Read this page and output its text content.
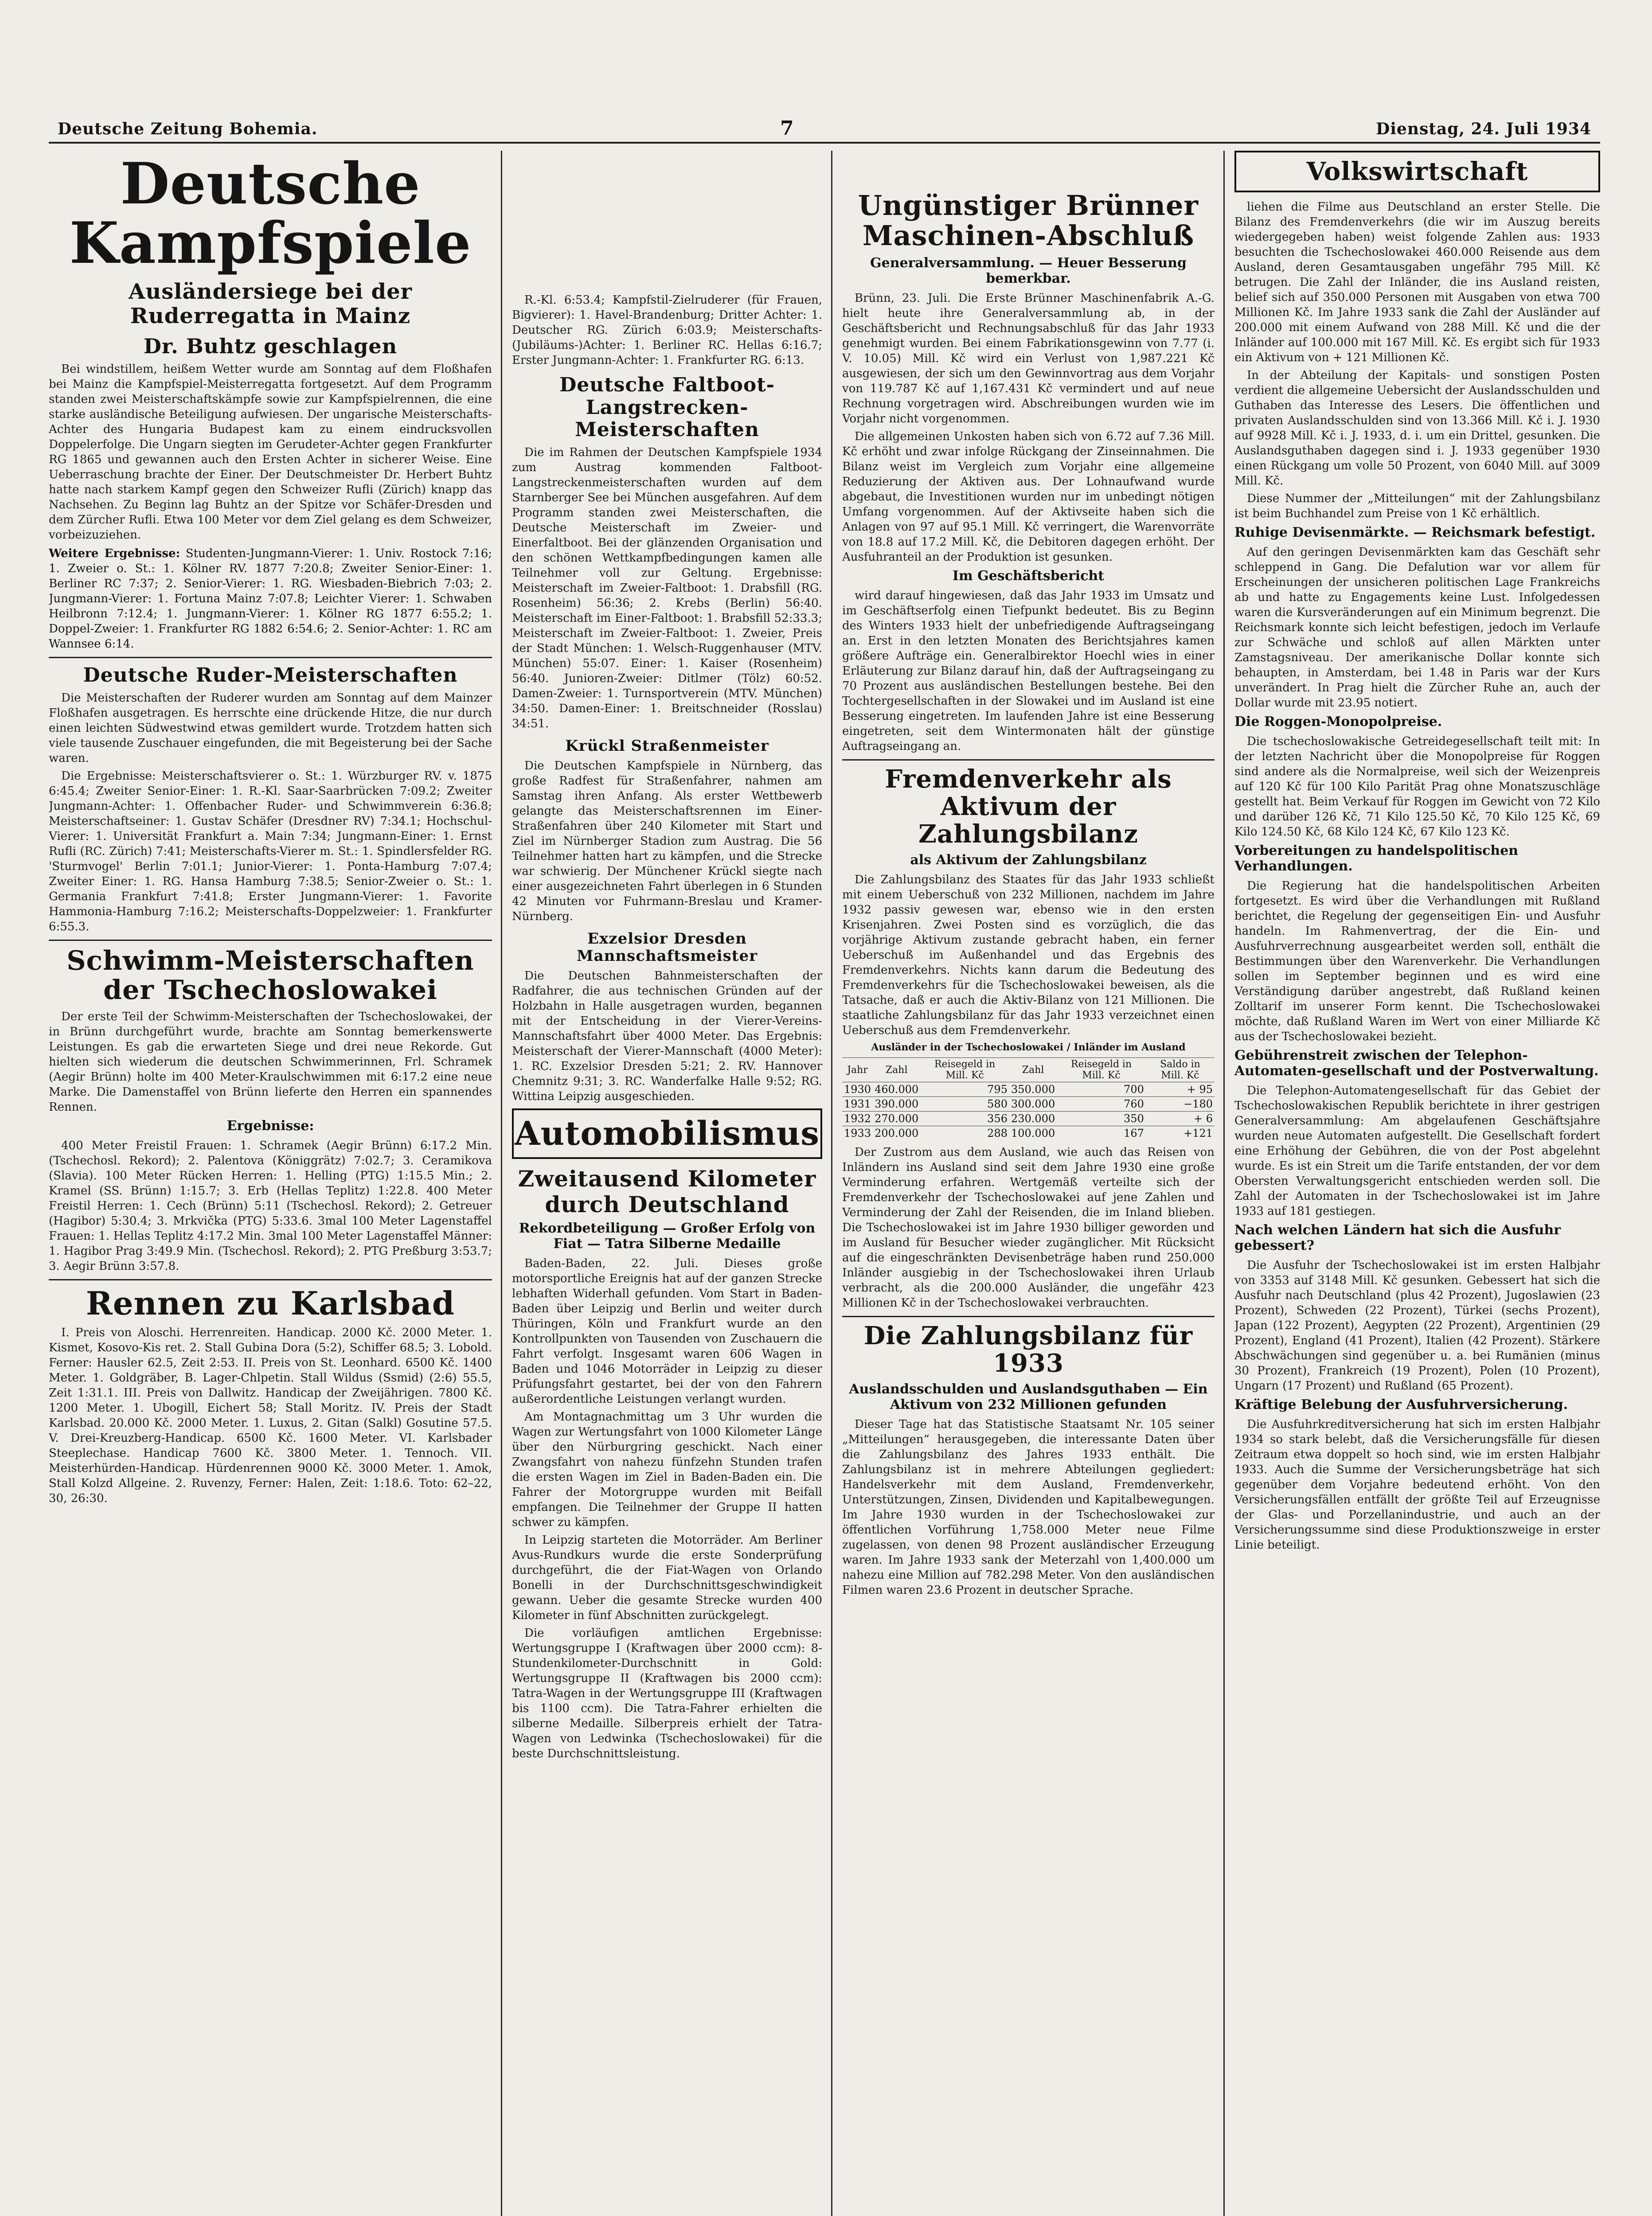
Deutsche Zeitung Bohemia.	7	Dienstag, 24. Juli 1934
Deutsche Kampfspiele
Ausländersiege bei der Ruderregatta in Mainz
Dr. Buhtz geschlagen

Bei windstillem, heißem Wetter wurde am Sonntag auf dem Floßhafen bei Mainz die Kampfspiel-Meisterregatta fortgesetzt. Auf dem Programm standen zwei Meisterschaftskämpfe sowie zur Kampfspielrennen, die eine starke ausländische Beteiligung aufwiesen. Der ungarische Meisterschafts-Achter des Hungaria Budapest kam zu einem eindrucksvollen Doppelerfolge. Die Ungarn siegten im Gerudeter-Achter gegen Frankfurter RG 1865 und gewannen auch den Ersten Achter in sicherer Weise. Eine Ueberraschung brachte der Einer. Der Deutschmeister Dr. Herbert Buhtz hatte nach starkem Kampf gegen den Schweizer Rufli (Zürich) knapp das Nachsehen. Zu Beginn lag Buhtz an der Spitze vor Schäfer-Dresden und dem Zürcher Rufli. Etwa 100 Meter vor dem Ziel gelang es dem Schweizer, vorbeizuziehen.

Weitere Ergebnisse: Studenten-Jungmann-Vierer: 1. Univ. Rostock 7:16; 1. Zweier o. St.: 1. Kölner RV. 1877 7:20.8; Zweiter Senior-Einer: 1. Berliner RC 7:37; 2. Senior-Vierer: 1. RG. Wiesbaden-Biebrich 7:03; 2. Jungmann-Vierer: 1. Fortuna Mainz 7:07.8; Leichter Vierer: 1. Schwaben Heilbronn 7:12.4; 1. Jungmann-Vierer: 1. Kölner RG 1877 6:55.2; 1. Doppel-Zweier: 1. Frankfurter RG 1882 6:54.6; 2. Senior-Achter: 1. RC am Wannsee 6:14.
Deutsche Ruder-Meisterschaften

Die Meisterschaften der Ruderer wurden am Sonntag auf dem Mainzer Floßhafen ausgetragen. Es herrschte eine drückende Hitze, die nur durch einen leichten Südwestwind etwas gemildert wurde. Trotzdem hatten sich viele tausende Zuschauer eingefunden, die mit Begeisterung bei der Sache waren.

Die Ergebnisse: Meisterschaftsvierer o. St.: 1. Würzburger RV. v. 1875 6:45.4; Zweiter Senior-Einer: 1. R.-Kl. Saar-Saarbrücken 7:09.2; Zweiter Jungmann-Achter: 1. Offenbacher Ruder- und Schwimmverein 6:36.8; Meisterschaftseiner: 1. Gustav Schäfer (Dresdner RV) 7:34.1; Hochschul-Vierer: 1. Universität Frankfurt a. Main 7:34; Jungmann-Einer: 1. Ernst Rufli (RC. Zürich) 7:41; Meisterschafts-Vierer m. St.: 1. Spindlersfelder RG. 'Sturmvogel' Berlin 7:01.1; Junior-Vierer: 1. Ponta-Hamburg 7:07.4; Zweiter Einer: 1. RG. Hansa Hamburg 7:38.5; Senior-Zweier o. St.: 1. Germania Frankfurt 7:41.8; Erster Jungmann-Vierer: 1. Favorite Hammonia-Hamburg 7:16.2; Meisterschafts-Doppelzweier: 1. Frankfurter 6:55.3.

Schwimm-Meisterschaften der Tschechoslowakei

Der erste Teil der Schwimm-Meisterschaften der Tschechoslowakei, der in Brünn durchgeführt wurde, brachte am Sonntag bemerkenswerte Leistungen. Es gab die erwarteten Siege und drei neue Rekorde. Gut hielten sich wiederum die deutschen Schwimmerinnen, Frl. Schramek (Aegir Brünn) holte im 400 Meter-Kraulschwimmen mit 6:17.2 eine neue Marke. Die Damenstaffel von Brünn lieferte den Herren ein spannendes Rennen.

Ergebnisse:

400 Meter Freistil Frauen: 1. Schramek (Aegir Brünn) 6:17.2 Min. (Tschechosl. Rekord); 2. Palentova (Königgrätz) 7:02.7; 3. Ceramikova (Slavia). 100 Meter Rücken Herren: 1. Helling (PTG) 1:15.5 Min.; 2. Kramel (SS. Brünn) 1:15.7; 3. Erb (Hellas Teplitz) 1:22.8. 400 Meter Freistil Herren: 1. Cech (Brünn) 5:11 (Tschechosl. Rekord); 2. Getreuer (Hagibor) 5:30.4; 3. Mrkvička (PTG) 5:33.6. 3mal 100 Meter Lagenstaffel Frauen: 1. Hellas Teplitz 4:17.2 Min. 3mal 100 Meter Lagenstaffel Männer: 1. Hagibor Prag 3:49.9 Min. (Tschechosl. Rekord); 2. PTG Preßburg 3:53.7; 3. Aegir Brünn 3:57.8.

Rennen zu Karlsbad

I. Preis von Aloschi. Herrenreiten. Handicap. 2000 Kč. 2000 Meter. 1. Kismet, Kosovo-Kis ret. 2. Stall Gubina Dora (5:2), Schiffer 68.5; 3. Lobold. Ferner: Hausler 62.5, Zeit 2:53. II. Preis von St. Leonhard. 6500 Kč. 1400 Meter. 1. Goldgräber, B. Lager-Chlpetin. Stall Wildus (Ssmid) (2:6) 55.5, Zeit 1:31.1. III. Preis von Dallwitz. Handicap der Zweijährigen. 7800 Kč. 1200 Meter. 1. Ubogill, Eichert 58; Stall Moritz. IV. Preis der Stadt Karlsbad. 20.000 Kč. 2000 Meter. 1. Luxus, 2. Gitan (Salkl) Gosutine 57.5. V. Drei-Kreuzberg-Handicap. 6500 Kč. 1600 Meter. VI. Karlsbader Steeplechase. Handicap 7600 Kč. 3800 Meter. 1. Tennoch. VII. Meisterhürden-Handicap. Hürdenrennen 9000 Kč. 3000 Meter. 1. Amok, Stall Kolzd Allgeine. 2. Ruvenzy, Ferner: Halen, Zeit: 1:18.6. Toto: 62–22, 30, 26:30.

R.-Kl. 6:53.4; Kampfstil-Zielruderer (für Frauen, Bigvierer): 1. Havel-Brandenburg; Dritter Achter: 1. Deutscher RG. Zürich 6:03.9; Meisterschafts-(Jubiläums-)Achter: 1. Berliner RC. Hellas 6:16.7; Erster Jungmann-Achter: 1. Frankfurter RG. 6:13.

Deutsche Faltboot-Langstrecken-Meisterschaften

Die im Rahmen der Deutschen Kampfspiele 1934 zum Austrag kommenden Faltboot-Langstreckenmeisterschaften wurden auf dem Starnberger See bei München ausgefahren. Auf dem Programm standen zwei Meisterschaften, die Deutsche Meisterschaft im Zweier- und Einerfaltboot. Bei der glänzenden Organisation und den schönen Wettkampfbedingungen kamen alle Teilnehmer voll zur Geltung. Ergebnisse: Meisterschaft im Zweier-Faltboot: 1. Drabsfill (RG. Rosenheim) 56:36; 2. Krebs (Berlin) 56:40. Meisterschaft im Einer-Faltboot: 1. Brabsfill 52:33.3; Meisterschaft im Zweier-Faltboot: 1. Zweier, Preis der Stadt München: 1. Welsch-Ruggenhauser (MTV. München) 55:07. Einer: 1. Kaiser (Rosenheim) 56:40. Junioren-Zweier: Ditlmer (Tölz) 60:52. Damen-Zweier: 1. Turnsportverein (MTV. München) 34:50. Damen-Einer: 1. Breitschneider (Rosslau) 34:51.

Krückl Straßenmeister

Die Deutschen Kampfspiele in Nürnberg, das große Radfest für Straßenfahrer, nahmen am Samstag ihren Anfang. Als erster Wettbewerb gelangte das Meisterschaftsrennen im Einer-Straßenfahren über 240 Kilometer mit Start und Ziel im Nürnberger Stadion zum Austrag. Die 56 Teilnehmer hatten hart zu kämpfen, und die Strecke war schwierig. Der Münchener Krückl siegte nach einer ausgezeichneten Fahrt überlegen in 6 Stunden 42 Minuten vor Fuhrmann-Breslau und Kramer-Nürnberg.

Exzelsior Dresden Mannschaftsmeister

Die Deutschen Bahnmeisterschaften der Radfahrer, die aus technischen Gründen auf der Holzbahn in Halle ausgetragen wurden, begannen mit der Entscheidung in der Vierer-Vereins-Mannschaftsfahrt über 4000 Meter. Das Ergebnis: Meisterschaft der Vierer-Mannschaft (4000 Meter): 1. RC. Exzelsior Dresden 5:21; 2. RV. Hannover Chemnitz 9:31; 3. RC. Wanderfalke Halle 9:52; RG. Wittina Leipzig ausgeschieden.

Automobilismus
Zweitausend Kilometer durch Deutschland
Rekordbeteiligung — Großer Erfolg von Fiat — Tatra Silberne Medaille

Baden-Baden, 22. Juli. Dieses große motorsportliche Ereignis hat auf der ganzen Strecke lebhaften Widerhall gefunden. Vom Start in Baden-Baden über Leipzig und Berlin und weiter durch Thüringen, Köln und Frankfurt wurde an den Kontrollpunkten von Tausenden von Zuschauern die Fahrt verfolgt. Insgesamt waren 606 Wagen in Baden und 1046 Motorräder in Leipzig zu dieser Prüfungsfahrt gestartet, bei der von den Fahrern außerordentliche Leistungen verlangt wurden.

Am Montagnachmittag um 3 Uhr wurden die Wagen zur Wertungsfahrt von 1000 Kilometer Länge über den Nürburgring geschickt. Nach einer Zwangsfahrt von nahezu fünfzehn Stunden trafen die ersten Wagen im Ziel in Baden-Baden ein. Die Fahrer der Motorgruppe wurden mit Beifall empfangen. Die Teilnehmer der Gruppe II hatten schwer zu kämpfen.

In Leipzig starteten die Motorräder. Am Berliner Avus-Rundkurs wurde die erste Sonderprüfung durchgeführt, die der Fiat-Wagen von Orlando Bonelli in der Durchschnittsgeschwindigkeit gewann. Ueber die gesamte Strecke wurden 400 Kilometer in fünf Abschnitten zurückgelegt.

Die vorläufigen amtlichen Ergebnisse: Wertungsgruppe I (Kraftwagen über 2000 ccm): 8-Stundenkilometer-Durchschnitt in Gold: Wertungsgruppe II (Kraftwagen bis 2000 ccm): Tatra-Wagen in der Wertungsgruppe III (Kraftwagen bis 1100 ccm). Die Tatra-Fahrer erhielten die silberne Medaille. Silberpreis erhielt der Tatra-Wagen von Ledwinka (Tschechoslowakei) für die beste Durchschnittsleistung.

Ungünstiger Brünner Maschinen-Abschluß
Generalversammlung. — Heuer Besserung bemerkbar.

Brünn, 23. Juli. Die Erste Brünner Maschinenfabrik A.-G. hielt heute ihre Generalversammlung ab, in der Geschäftsbericht und Rechnungsabschluß für das Jahr 1933 genehmigt wurden. Bei einem Fabrikationsgewinn von 7.77 (i. V. 10.05) Mill. Kč wird ein Verlust von 1,987.221 Kč ausgewiesen, der sich um den Gewinnvortrag aus dem Vorjahr von 119.787 Kč auf 1,167.431 Kč vermindert und auf neue Rechnung vorgetragen wird. Abschreibungen wurden wie im Vorjahr nicht vorgenommen.

Die allgemeinen Unkosten haben sich von 6.72 auf 7.36 Mill. Kč erhöht und zwar infolge Rückgang der Zinseinnahmen. Die Bilanz weist im Vergleich zum Vorjahr eine allgemeine Reduzierung der Aktiven aus. Der Lohnaufwand wurde abgebaut, die Investitionen wurden nur im unbedingt nötigen Umfang vorgenommen. Auf der Aktivseite haben sich die Anlagen von 97 auf 95.1 Mill. Kč verringert, die Warenvorräte von 18.8 auf 17.2 Mill. Kč, die Debitoren dagegen erhöht. Der Ausfuhranteil an der Produktion ist gesunken.

Im Geschäftsbericht

wird darauf hingewiesen, daß das Jahr 1933 im Umsatz und im Geschäftserfolg einen Tiefpunkt bedeutet. Bis zu Beginn des Winters 1933 hielt der unbefriedigende Auftragseingang an. Erst in den letzten Monaten des Berichtsjahres kamen größere Aufträge ein. Generalbirektor Hoechl wies in einer Erläuterung zur Bilanz darauf hin, daß der Auftragseingang zu 70 Prozent aus ausländischen Bestellungen bestehe. Bei den Tochtergesellschaften in der Slowakei und im Ausland ist eine Besserung eingetreten. Im laufenden Jahre ist eine Besserung eingetreten, seit dem Wintermonaten hält der günstige Auftragseingang an.

Fremdenverkehr als Aktivum der Zahlungsbilanz
als Aktivum der Zahlungsbilanz

Die Zahlungsbilanz des Staates für das Jahr 1933 schließt mit einem Ueberschuß von 232 Millionen, nachdem im Jahre 1932 passiv gewesen war, ebenso wie in den ersten Krisenjahren. Zwei Posten sind es vorzüglich, die das vorjährige Aktivum zustande gebracht haben, ein ferner Ueberschuß im Außenhandel und das Ergebnis des Fremdenverkehrs. Nichts kann darum die Bedeutung des Fremdenverkehrs für die Tschechoslowakei beweisen, als die Tatsache, daß er auch die Aktiv-Bilanz von 121 Millionen. Die staatliche Zahlungsbilanz für das Jahr 1933 verzeichnet einen Ueberschuß aus dem Fremdenverkehr.

Ausländer in der Tschechoslowakei / Inländer im Ausland
Jahr	Zahl	Reisegeld in Mill. Kč	Zahl	Reisegeld in Mill. Kč	Saldo in Mill. Kč
1930	460.000	795	350.000	700	+ 95
1931	390.000	580	300.000	760	−180
1932	270.000	356	230.000	350	+ 6
1933	200.000	288	100.000	167	+121

Der Zustrom aus dem Ausland, wie auch das Reisen von Inländern ins Ausland sind seit dem Jahre 1930 eine große Verminderung erfahren. Wertgemäß verteilte sich der Fremdenverkehr der Tschechoslowakei auf jene Zahlen und Verminderung der Zahl der Reisenden, die im Inland blieben. Die Tschechoslowakei ist im Jahre 1930 billiger geworden und im Ausland für Besucher wieder zugänglicher. Mit Rücksicht auf die eingeschränkten Devisenbeträge haben rund 250.000 Inländer ausgiebig in der Tschechoslowakei ihren Urlaub verbracht, als die 200.000 Ausländer, die ungefähr 423 Millionen Kč in der Tschechoslowakei verbrauchten.

Die Zahlungsbilanz für 1933
Auslandsschulden und Auslandsguthaben — Ein Aktivum von 232 Millionen gefunden

Dieser Tage hat das Statistische Staatsamt Nr. 105 seiner „Mitteilungen“ herausgegeben, die interessante Daten über die Zahlungsbilanz des Jahres 1933 enthält. Die Zahlungsbilanz ist in mehrere Abteilungen gegliedert: Handelsverkehr mit dem Ausland, Fremdenverkehr, Unterstützungen, Zinsen, Dividenden und Kapitalbewegungen. Im Jahre 1930 wurden in der Tschechoslowakei zur öffentlichen Vorführung 1,758.000 Meter neue Filme zugelassen, von denen 98 Prozent ausländischer Erzeugung waren. Im Jahre 1933 sank der Meterzahl von 1,400.000 um nahezu eine Million auf 782.298 Meter. Von den ausländischen Filmen waren 23.6 Prozent in deutscher Sprache.

Volkswirtschaft

liehen die Filme aus Deutschland an erster Stelle. Die Bilanz des Fremdenverkehrs (die wir im Auszug bereits wiedergegeben haben) weist folgende Zahlen aus: 1933 besuchten die Tschechoslowakei 460.000 Reisende aus dem Ausland, deren Gesamtausgaben ungefähr 795 Mill. Kč betrugen. Die Zahl der Inländer, die ins Ausland reisten, belief sich auf 350.000 Personen mit Ausgaben von etwa 700 Millionen Kč. Im Jahre 1933 sank die Zahl der Ausländer auf 200.000 mit einem Aufwand von 288 Mill. Kč und die der Inländer auf 100.000 mit 167 Mill. Kč. Es ergibt sich für 1933 ein Aktivum von + 121 Millionen Kč.

In der Abteilung der Kapitals- und sonstigen Posten verdient die allgemeine Uebersicht der Auslandsschulden und Guthaben das Interesse des Lesers. Die öffentlichen und privaten Auslandsschulden sind von 13.366 Mill. Kč i. J. 1930 auf 9928 Mill. Kč i. J. 1933, d. i. um ein Drittel, gesunken. Die Auslandsguthaben dagegen sind i. J. 1933 gegenüber 1930 einen Rückgang um volle 50 Prozent, von 6040 Mill. auf 3009 Mill. Kč.

Diese Nummer der „Mitteilungen“ mit der Zahlungsbilanz ist beim Buchhandel zum Preise von 1 Kč erhältlich.

Ruhige Devisenmärkte. — Reichsmark befestigt.

Auf den geringen Devisenmärkten kam das Geschäft sehr schleppend in Gang. Die Defalution war vor allem für Erscheinungen der unsicheren politischen Lage Frankreichs ab und hatte zu Engagements keine Lust. Infolgedessen waren die Kursveränderungen auf ein Minimum begrenzt. Die Reichsmark konnte sich leicht befestigen, jedoch im Verlaufe zur Schwäche und schloß auf allen Märkten unter Zamstagsniveau. Der amerikanische Dollar konnte sich behaupten, in Amsterdam, bei 1.48 in Paris war der Kurs unverändert. In Prag hielt die Zürcher Ruhe an, auch der Dollar wurde mit 23.95 notiert.

Die Roggen-Monopolpreise.

Die tschechoslowakische Getreidegesellschaft teilt mit: In der letzten Nachricht über die Monopolpreise für Roggen sind andere als die Normalpreise, weil sich der Weizenpreis auf 120 Kč für 100 Kilo Parität Prag ohne Monatszuschläge gestellt hat. Beim Verkauf für Roggen im Gewicht von 72 Kilo und darüber 126 Kč, 71 Kilo 125.50 Kč, 70 Kilo 125 Kč, 69 Kilo 124.50 Kč, 68 Kilo 124 Kč, 67 Kilo 123 Kč.

Vorbereitungen zu handelspolitischen Verhandlungen.

Die Regierung hat die handelspolitischen Arbeiten fortgesetzt. Es wird über die Verhandlungen mit Rußland berichtet, die Regelung der gegenseitigen Ein- und Ausfuhr handeln. Im Rahmenvertrag, der die Ein- und Ausfuhrverrechnung ausgearbeitet werden soll, enthält die Bestimmungen über den Warenverkehr. Die Verhandlungen sollen im September beginnen und es wird eine Verständigung darüber angestrebt, daß Rußland keinen Zolltarif im unserer Form kennt. Die Tschechoslowakei möchte, daß Rußland Waren im Wert von einer Milliarde Kč aus der Tschechoslowakei bezieht.

Gebührenstreit zwischen der Telephon-Automaten-gesellschaft und der Postverwaltung.

Die Telephon-Automatengesellschaft für das Gebiet der Tschechoslowakischen Republik berichtete in ihrer gestrigen Generalversammlung: Am abgelaufenen Geschäftsjahre wurden neue Automaten aufgestellt. Die Gesellschaft fordert eine Erhöhung der Gebühren, die von der Post abgelehnt wurde. Es ist ein Streit um die Tarife entstanden, der vor dem Obersten Verwaltungsgericht entschieden werden soll. Die Zahl der Automaten in der Tschechoslowakei ist im Jahre 1933 auf 181 gestiegen.

Nach welchen Ländern hat sich die Ausfuhr gebessert?

Die Ausfuhr der Tschechoslowakei ist im ersten Halbjahr von 3353 auf 3148 Mill. Kč gesunken. Gebessert hat sich die Ausfuhr nach Deutschland (plus 42 Prozent), Jugoslawien (23 Prozent), Schweden (22 Prozent), Türkei (sechs Prozent), Japan (122 Prozent), Aegypten (22 Prozent), Argentinien (29 Prozent), England (41 Prozent), Italien (42 Prozent). Stärkere Abschwächungen sind gegenüber u. a. bei Rumänien (minus 30 Prozent), Frankreich (19 Prozent), Polen (10 Prozent), Ungarn (17 Prozent) und Rußland (65 Prozent).

Kräftige Belebung der Ausfuhrversicherung.

Die Ausfuhrkreditversicherung hat sich im ersten Halbjahr 1934 so stark belebt, daß die Versicherungsfälle für diesen Zeitraum etwa doppelt so hoch sind, wie im ersten Halbjahr 1933. Auch die Summe der Versicherungsbeträge hat sich gegenüber dem Vorjahre bedeutend erhöht. Von den Versicherungsfällen entfällt der größte Teil auf Erzeugnisse der Glas- und Porzellanindustrie, und auch an der Versicherungssumme sind diese Produktionszweige in erster Linie beteiligt.
